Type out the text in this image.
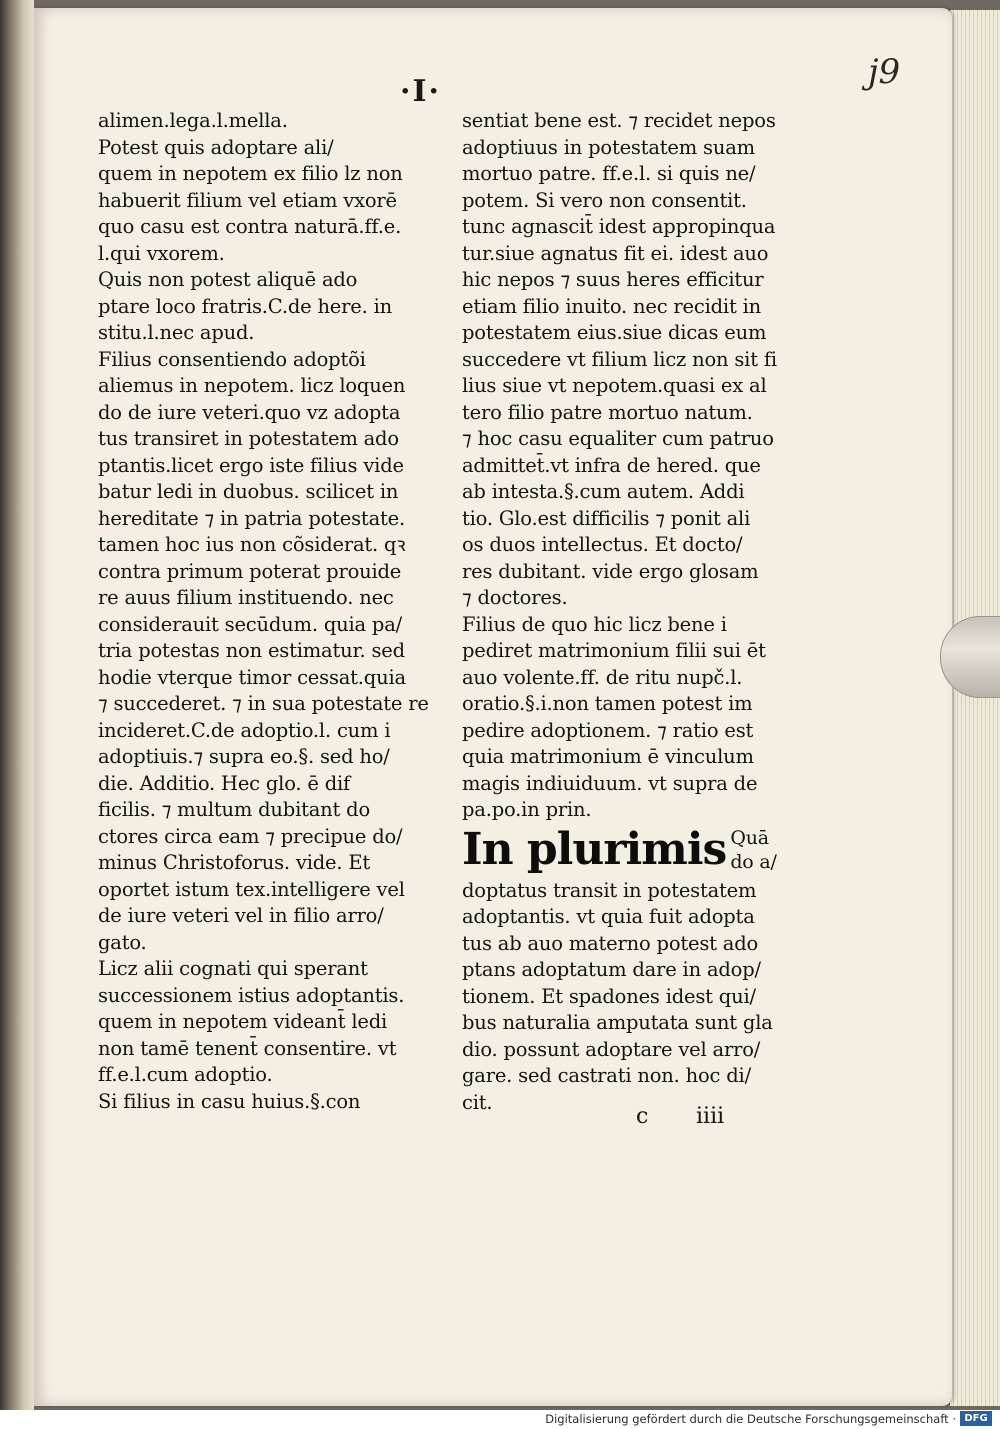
j9
·I·
alimen.lega.l.mella.
Potest quis adoptare ali/
quem in nepotem ex filio lz non
habuerit filium vel etiam vxorē
quo casu est contra naturā.ff.e.
l.qui vxorem.
Quis non potest aliquē ado
ptare loco fratris.C.de here. in
stitu.l.nec apud.
Filius consentiendo adoptõi
aliemus in nepotem. licz loquen
do de iure veteri.quo vz adopta
tus transiret in potestatem ado
ptantis.licet ergo iste filius vide
batur ledi in duobus. scilicet in
hereditate ⁊ in patria potestate.
tamen hoc ius non cõsiderat. qꝛ
contra primum poterat prouide
re auus filium instituendo. nec
considerauit secūdum. quia pa/
tria potestas non estimatur. sed
hodie vterque timor cessat.quia
⁊ succederet. ⁊ in sua potestate re
incideret.C.de adoptio.l. cum i
adoptiuis.⁊ supra eo.§. sed ho/
die. Additio. Hec glo. ē dif
ficilis. ⁊ multum dubitant do
ctores circa eam ⁊ precipue do/
minus Christoforus. vide. Et
oportet istum tex.intelligere vel
de iure veteri vel in filio arro/
gato.
Licz alii cognati qui sperant
successionem istius adoptantis.
quem in nepotem videant̄ ledi
non tamē tenent̄ consentire. vt
ff.e.l.cum adoptio.
Si filius in casu huius.§.con
sentiat bene est. ⁊ recidet nepos
adoptiuus in potestatem suam
mortuo patre. ff.e.l. si quis ne/
potem. Si vero non consentit.
tunc agnascit̄ idest appropinqua
tur.siue agnatus fit ei. idest auo
hic nepos ⁊ suus heres efficitur
etiam filio inuito. nec recidit in
potestatem eius.siue dicas eum
succedere vt filium licz non sit fi
lius siue vt nepotem.quasi ex al
tero filio patre mortuo natum.
⁊ hoc casu equaliter cum patruo
admittet̄.vt infra de hered. que
ab intesta.§.cum autem. Addi
tio. Glo.est difficilis ⁊ ponit ali
os duos intellectus. Et docto/
res dubitant. vide ergo glosam
⁊ doctores.
Filius de quo hic licz bene i
pediret matrimonium filii sui ēt
auo volente.ff. de ritu nupč.l.
oratio.§.i.non tamen potest im
pedire adoptionem. ⁊ ratio est
quia matrimonium ē vinculum
magis indiuiduum. vt supra de
pa.po.in prin.
In plurimis Quā
do a/
doptatus transit in potestatem
adoptantis. vt quia fuit adopta
tus ab auo materno potest ado
ptans adoptatum dare in adop/
tionem. Et spadones idest qui/
bus naturalia amputata sunt gla
dio. possunt adoptare vel arro/
gare. sed castrati non. hoc di/
cit.
c iiii
Digitalisierung gefördert durch die Deutsche Forschungsgemeinschaft · DFG
